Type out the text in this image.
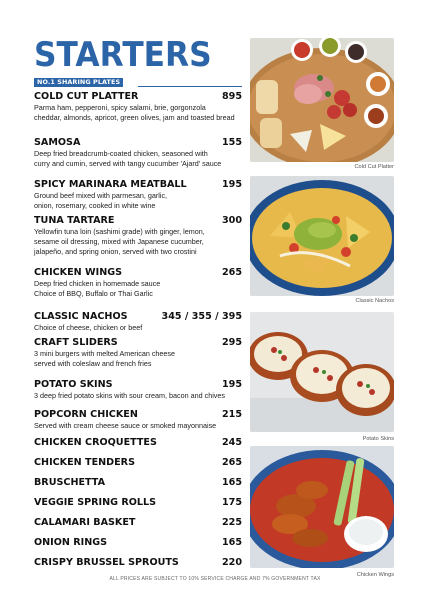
STARTERS
NO.1 SHARING PLATES
COLD CUT PLATTER	895
Parma ham, pepperoni, spicy salami, brie, gorgonzola
cheddar, almonds, apricot, green olives, jam and toasted bread
SAMOSA	155
Deep fried breadcrumb-coated chicken, seasoned with
curry and cumin, served with tangy cucumber 'Ajard' sauce
SPICY MARINARA MEATBALL	195
Ground beef mixed with parmesan, garlic,
onion, rosemary, cooked in white wine
TUNA TARTARE	300
Yellowfin tuna loin (sashimi grade) with ginger, lemon,
sesame oil dressing, mixed with Japanese cucumber,
jalapeño, and spring onion, served with two crostini
CHICKEN WINGS	265
Deep fried chicken in homemade sauce
Choice of BBQ, Buffalo or Thai Garlic
CLASSIC NACHOS	345 / 355 / 395
Choice of cheese, chicken or beef
CRAFT SLIDERS	295
3 mini burgers with melted American cheese
served with coleslaw and french fries
POTATO SKINS	195
3 deep fried potato skins with sour cream, bacon and chives
POPCORN CHICKEN	215
Served with cream cheese sauce or smoked mayonnaise
CHICKEN CROQUETTES	245
CHICKEN TENDERS	265
BRUSCHETTA	165
VEGGIE SPRING ROLLS	175
CALAMARI BASKET	225
ONION RINGS	165
CRISPY BRUSSEL SPROUTS	220
Cold Cut Platter
Classic Nachos
Potato Skins
Chicken Wings
ALL PRICES ARE SUBJECT TO 10% SERVICE CHARGE AND 7% GOVERNMENT TAX
